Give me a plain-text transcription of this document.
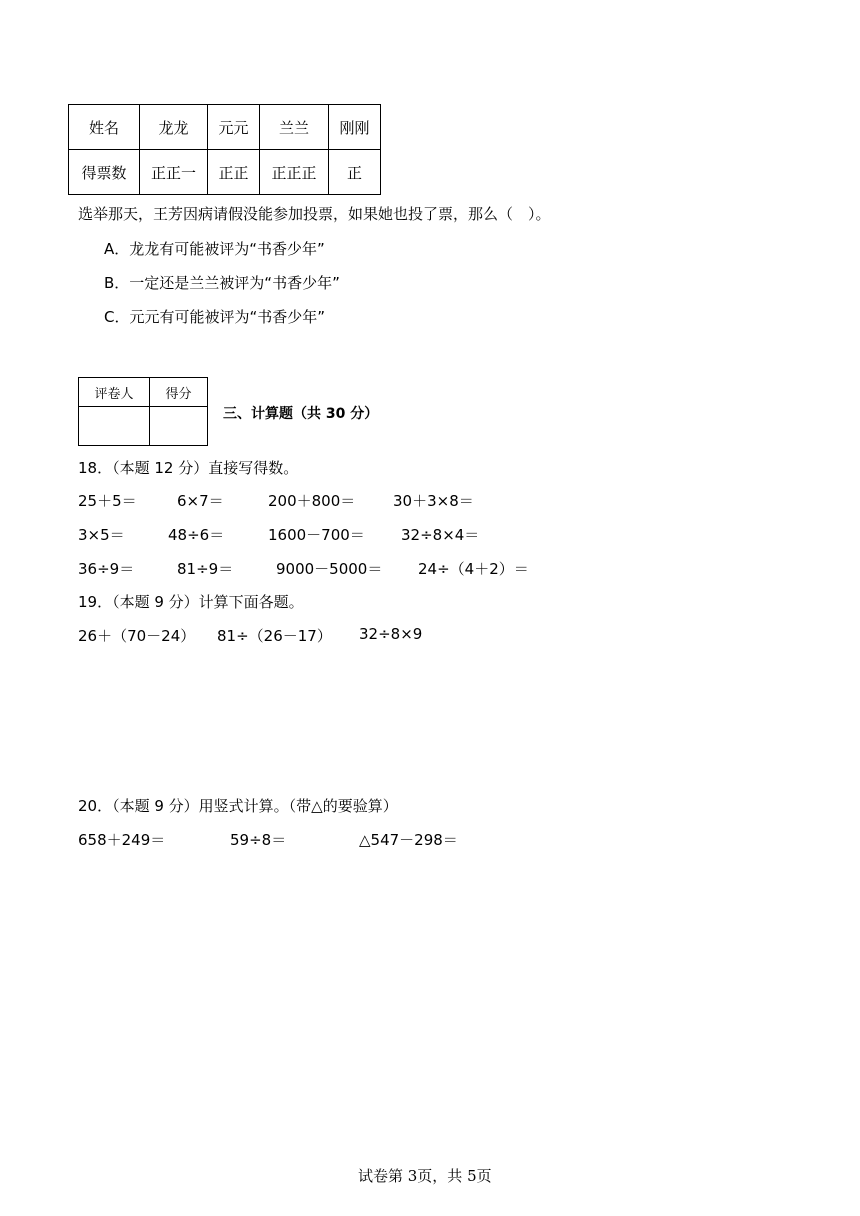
姓名	龙龙	元元	兰兰	刚刚
得票数	正正一	正正	正正正	正
选举那天，王芳因病请假没能参加投票，如果她也投了票，那么（　）。
A．龙龙有可能被评为“书香少年”
B．一定还是兰兰被评为“书香少年”
C．元元有可能被评为“书香少年”
评卷人	得分

三、计算题（共 30 分）
18．（本题 12 分）直接写得数。
25＋5＝	6×7＝	200＋800＝	30＋3×8＝
3×5＝	48÷6＝	1600－700＝ 32÷8×4＝
36÷9＝	81÷9＝	9000－5000＝ 24÷（4＋2）＝
19．（本题 9 分）计算下面各题。
26＋（70－24） 81÷（26－17） 32÷8×9
20．（本题 9 分）用竖式计算。（带△的要验算）
658＋249＝	59÷8＝	△547－298＝
试卷第 3页，共 5页
